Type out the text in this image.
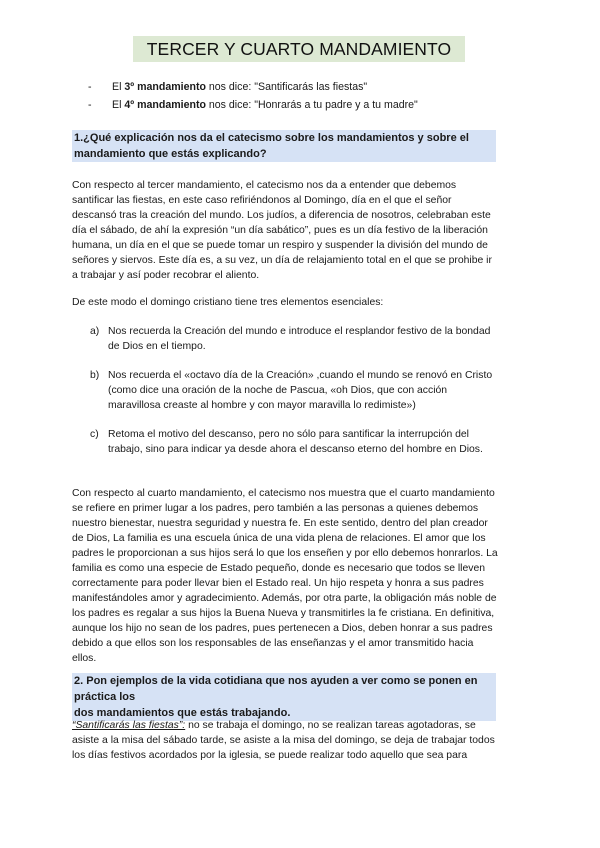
TERCER Y CUARTO MANDAMIENTO
- El 3º mandamiento nos dice: "Santificarás las fiestas"
- El 4º mandamiento nos dice: "Honrarás a tu padre y a tu madre"
1.¿Qué explicación nos da el catecismo sobre los mandamientos y sobre el
mandamiento que estás explicando?
Con respecto al tercer mandamiento, el catecismo nos da a entender que debemos
santificar las fiestas, en este caso refiriéndonos al Domingo, día en el que el señor
descansó tras la creación del mundo. Los judíos, a diferencia de nosotros, celebraban este
día el sábado, de ahí la expresión “un día sabático”, pues es un día festivo de la liberación
humana, un día en el que se puede tomar un respiro y suspender la división del mundo de
señores y siervos. Este día es, a su vez, un día de relajamiento total en el que se prohibe ir
a trabajar y así poder recobrar el aliento.
De este modo el domingo cristiano tiene tres elementos esenciales:
a) Nos recuerda la Creación del mundo e introduce el resplandor festivo de la bondad
de Dios en el tiempo.
b) Nos recuerda el «octavo día de la Creación» ,cuando el mundo se renovó en Cristo
(como dice una oración de la noche de Pascua, «oh Dios, que con acción
maravillosa creaste al hombre y con mayor maravilla lo redimiste»)
c) Retoma el motivo del descanso, pero no sólo para santificar la interrupción del
trabajo, sino para indicar ya desde ahora el descanso eterno del hombre en Dios.
Con respecto al cuarto mandamiento, el catecismo nos muestra que el cuarto mandamiento
se refiere en primer lugar a los padres, pero también a las personas a quienes debemos
nuestro bienestar, nuestra seguridad y nuestra fe. En este sentido, dentro del plan creador
de Dios, La familia es una escuela única de una vida plena de relaciones. El amor que los
padres le proporcionan a sus hijos será lo que los enseñen y por ello debemos honrarlos. La
familia es como una especie de Estado pequeño, donde es necesario que todos se lleven
correctamente para poder llevar bien el Estado real. Un hijo respeta y honra a sus padres
manifestándoles amor y agradecimiento. Además, por otra parte, la obligación más noble de
los padres es regalar a sus hijos la Buena Nueva y transmitirles la fe cristiana. En definitiva,
aunque los hijo no sean de los padres, pues pertenecen a Dios, deben honrar a sus padres
debido a que ellos son los responsables de las enseñanzas y el amor transmitido hacia
ellos.
2. Pon ejemplos de la vida cotidiana que nos ayuden a ver como se ponen en práctica los
dos mandamientos que estás trabajando.
“Santificarás las fiestas”: no se trabaja el domingo, no se realizan tareas agotadoras, se
asiste a la misa del sábado tarde, se asiste a la misa del domingo, se deja de trabajar todos
los días festivos acordados por la iglesia, se puede realizar todo aquello que sea para
